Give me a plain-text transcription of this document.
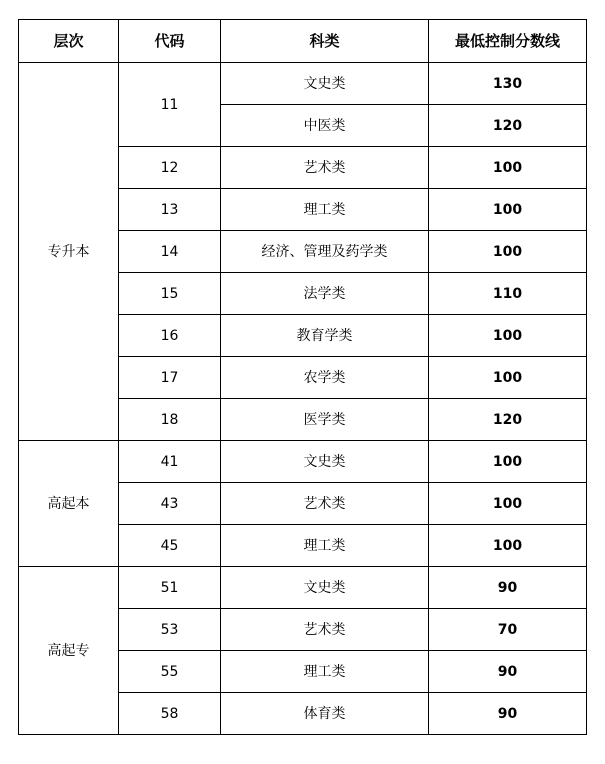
层次	代码	科类	最低控制分数线
专升本	11	文史类	130
		中医类	120
	12	艺术类	100
	13	理工类	100
	14	经济、管理及药学类	100
	15	法学类	110
	16	教育学类	100
	17	农学类	100
	18	医学类	120
高起本	41	文史类	100
	43	艺术类	100
	45	理工类	100
高起专	51	文史类	90
	53	艺术类	70
	55	理工类	90
	58	体育类	90
